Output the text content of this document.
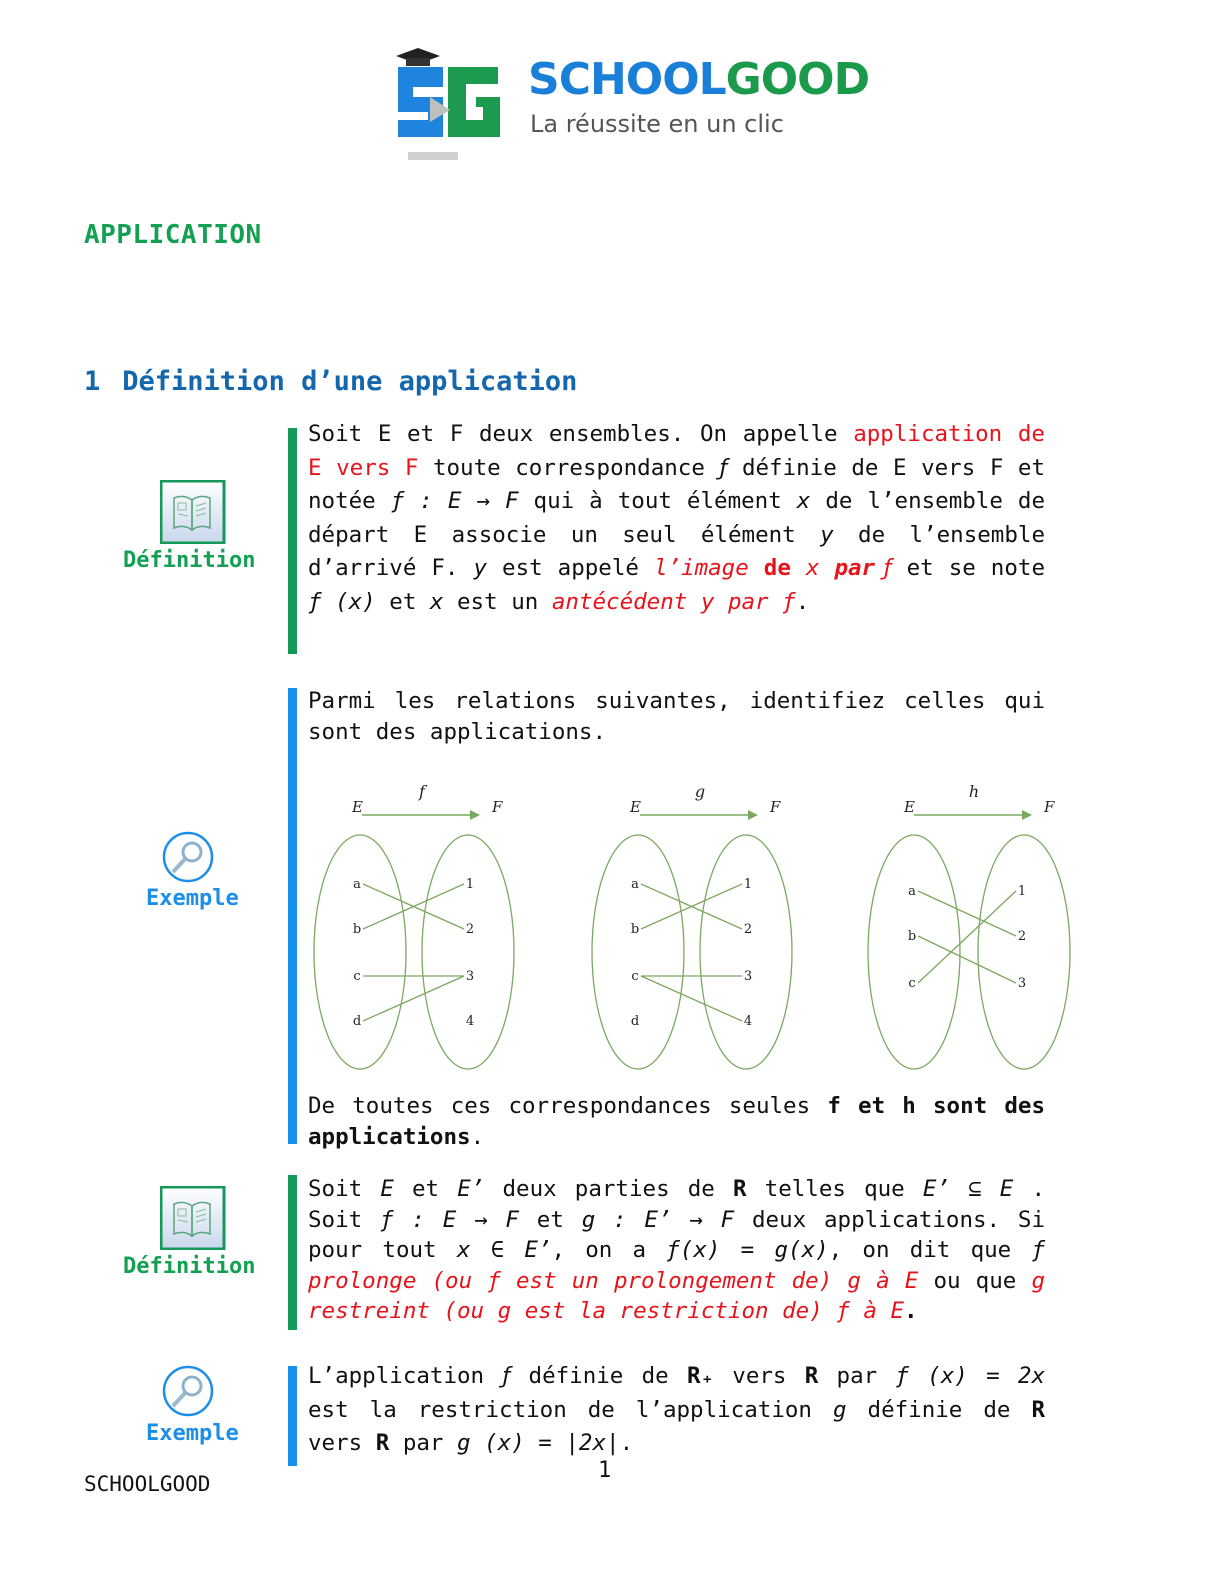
SCHOOLGOOD
La réussite en un clic
APPLICATION
1 Définition d’une application
Définition
Soit E et F deux ensembles. On appelle application de E vers F toute correspondance ƒ définie de E vers F et notée ƒ : E → F qui à tout élément x de l’ensemble de départ E associe un seul élément y de l’ensemble d’arrivé F. y est appelé l’image de x par ƒ et se note ƒ (x) et x est un antécédent y par ƒ.
Exemple
Parmi les relations suivantes, identifiez celles qui sont des applications.
f
E	F
a
b
c
d
1
2
3
4
g
E	F
a
b
c
d
1
2
3
4
h
E	F
a
b
c
1
2
3
De toutes ces correspondances seules f et h sont des applications.
Définition
Soit E et E’ deux parties de R telles que E’ ⊆ E . Soit ƒ : E → F et g : E’ → F deux applications. Si pour tout x ∈ E’, on a ƒ(x) = g(x), on dit que ƒ prolonge (ou ƒ est un prolongement de) g à E ou que g restreint (ou g est la restriction de) ƒ à E.
Exemple
L’application ƒ définie de R₊ vers R par ƒ (x) = 2x est la restriction de l’application g définie de R vers R par g (x) = |2x|.
1
SCHOOLGOOD
